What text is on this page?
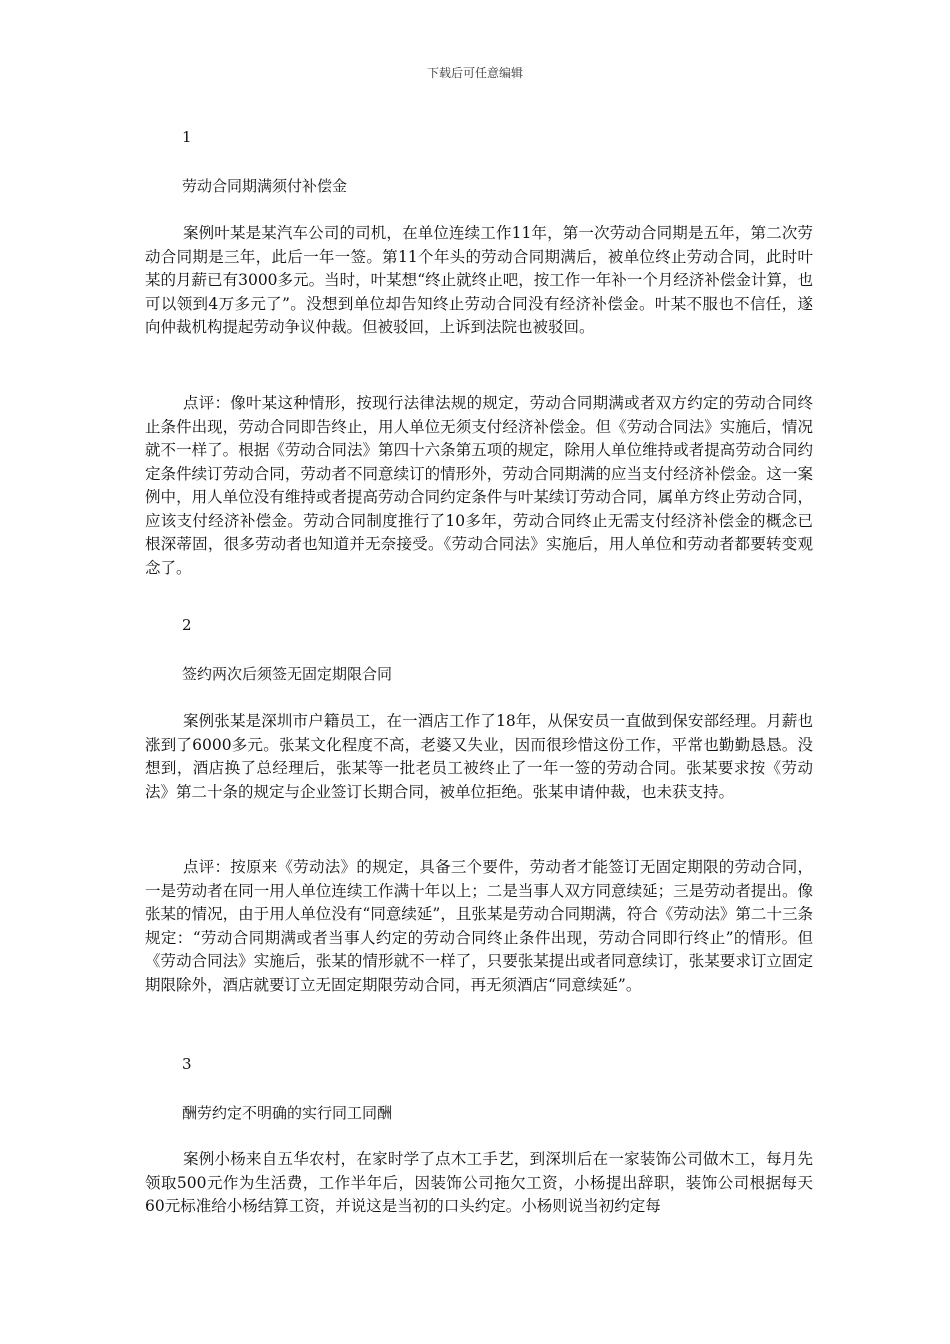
下载后可任意编辑
1
劳动合同期满须付补偿金
案例叶某是某汽车公司的司机，在单位连续工作11年，第一次劳动合同期是五年，第二次劳动合同期是三年，此后一年一签。第11个年头的劳动合同期满后，被单位终止劳动合同，此时叶某的月薪已有3000多元。当时，叶某想“终止就终止吧，按工作一年补一个月经济补偿金计算，也可以领到4万多元了”。没想到单位却告知终止劳动合同没有经济补偿金。叶某不服也不信任，遂向仲裁机构提起劳动争议仲裁。但被驳回，上诉到法院也被驳回。
点评：像叶某这种情形，按现行法律法规的规定，劳动合同期满或者双方约定的劳动合同终止条件出现，劳动合同即告终止，用人单位无须支付经济补偿金。但《劳动合同法》实施后，情况就不一样了。根据《劳动合同法》第四十六条第五项的规定，除用人单位维持或者提高劳动合同约定条件续订劳动合同，劳动者不同意续订的情形外，劳动合同期满的应当支付经济补偿金。这一案例中，用人单位没有维持或者提高劳动合同约定条件与叶某续订劳动合同，属单方终止劳动合同，应该支付经济补偿金。劳动合同制度推行了10多年，劳动合同终止无需支付经济补偿金的概念已根深蒂固，很多劳动者也知道并无奈接受。《劳动合同法》实施后，用人单位和劳动者都要转变观念了。
2
签约两次后须签无固定期限合同
案例张某是深圳市户籍员工，在一酒店工作了18年，从保安员一直做到保安部经理。月薪也涨到了6000多元。张某文化程度不高，老婆又失业，因而很珍惜这份工作，平常也勤勤恳恳。没想到，酒店换了总经理后，张某等一批老员工被终止了一年一签的劳动合同。张某要求按《劳动法》第二十条的规定与企业签订长期合同，被单位拒绝。张某申请仲裁，也未获支持。
点评：按原来《劳动法》的规定，具备三个要件，劳动者才能签订无固定期限的劳动合同，一是劳动者在同一用人单位连续工作满十年以上；二是当事人双方同意续延；三是劳动者提出。像张某的情况，由于用人单位没有“同意续延”，且张某是劳动合同期满，符合《劳动法》第二十三条规定：“劳动合同期满或者当事人约定的劳动合同终止条件出现，劳动合同即行终止”的情形。但《劳动合同法》实施后，张某的情形就不一样了，只要张某提出或者同意续订，张某要求订立固定期限除外，酒店就要订立无固定期限劳动合同，再无须酒店“同意续延”。
3
酬劳约定不明确的实行同工同酬
案例小杨来自五华农村，在家时学了点木工手艺，到深圳后在一家装饰公司做木工，每月先领取500元作为生活费，工作半年后，因装饰公司拖欠工资，小杨提出辞职，装饰公司根据每天60元标准给小杨结算工资，并说这是当初的口头约定。小杨则说当初约定每
